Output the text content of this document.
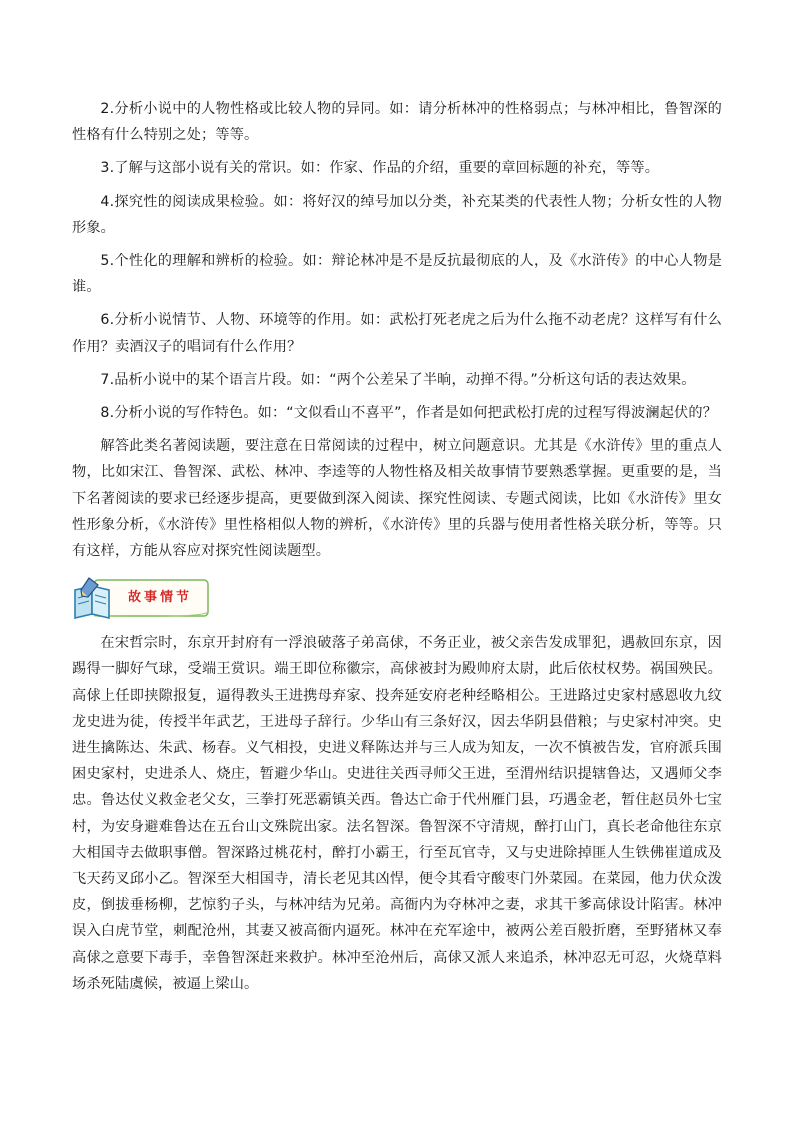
2.分析小说中的人物性格或比较人物的异同。如：请分析林冲的性格弱点；与林冲相比，鲁智深的性格有什么特别之处；等等。

3.了解与这部小说有关的常识。如：作家、作品的介绍，重要的章回标题的补充，等等。

4.探究性的阅读成果检验。如：将好汉的绰号加以分类，补充某类的代表性人物；分析女性的人物形象。

5.个性化的理解和辨析的检验。如：辩论林冲是不是反抗最彻底的人，及《水浒传》的中心人物是谁。

6.分析小说情节、人物、环境等的作用。如：武松打死老虎之后为什么拖不动老虎？这样写有什么作用？卖酒汉子的唱词有什么作用？

7.品析小说中的某个语言片段。如：“两个公差呆了半晌，动掸不得。”分析这句话的表达效果。

8.分析小说的写作特色。如：“文似看山不喜平”，作者是如何把武松打虎的过程写得波澜起伏的？

解答此类名著阅读题，要注意在日常阅读的过程中，树立问题意识。尤其是《水浒传》里的重点人物，比如宋江、鲁智深、武松、林冲、李逵等的人物性格及相关故事情节要熟悉掌握。更重要的是，当下名著阅读的要求已经逐步提高，更要做到深入阅读、探究性阅读、专题式阅读，比如《水浒传》里女性形象分析，《水浒传》里性格相似人物的辨析，《水浒传》里的兵器与使用者性格关联分析，等等。只有这样，方能从容应对探究性阅读题型。

故事情节

在宋哲宗时，东京开封府有一浮浪破落子弟高俅，不务正业，被父亲告发成罪犯，遇赦回东京，因踢得一脚好气球，受端王赏识。端王即位称徽宗，高俅被封为殿帅府太尉，此后依杖权势。祸国殃民。高俅上任即挟隙报复，逼得教头王进携母弃家、投奔延安府老种经略相公。王进路过史家村感恩收九纹龙史进为徒，传授半年武艺，王进母子辞行。少华山有三条好汉，因去华阴县借粮；与史家村冲突。史进生擒陈达、朱武、杨春。义气相投，史进义释陈达并与三人成为知友，一次不慎被告发，官府派兵围困史家村，史进杀人、烧庄，暂避少华山。史进往关西寻师父王进，至渭州结识提辖鲁达，又遇师父李忠。鲁达仗义救金老父女，三拳打死恶霸镇关西。鲁达亡命于代州雁门县，巧遇金老，暂住赵员外七宝村，为安身避难鲁达在五台山文殊院出家。法名智深。鲁智深不守清规，醉打山门，真长老命他往东京大相国寺去做职事僧。智深路过桃花村，醉打小霸王，行至瓦官寺，又与史进除掉匪人生铁佛崔道成及飞天药叉邱小乙。智深至大相国寺，清长老见其凶悍，便令其看守酸枣门外菜园。在菜园，他力伏众泼皮，倒拔垂杨柳，艺惊豹子头，与林冲结为兄弟。高衙内为夺林冲之妻，求其干爹高俅设计陷害。林冲误入白虎节堂，刺配沧州，其妻又被高衙内逼死。林冲在充军途中，被两公差百般折磨，至野猪林又奉高俅之意要下毒手，幸鲁智深赶来救护。林冲至沧州后，高俅又派人来追杀，林冲忍无可忍，火烧草料场杀死陆虞候，被逼上梁山。
